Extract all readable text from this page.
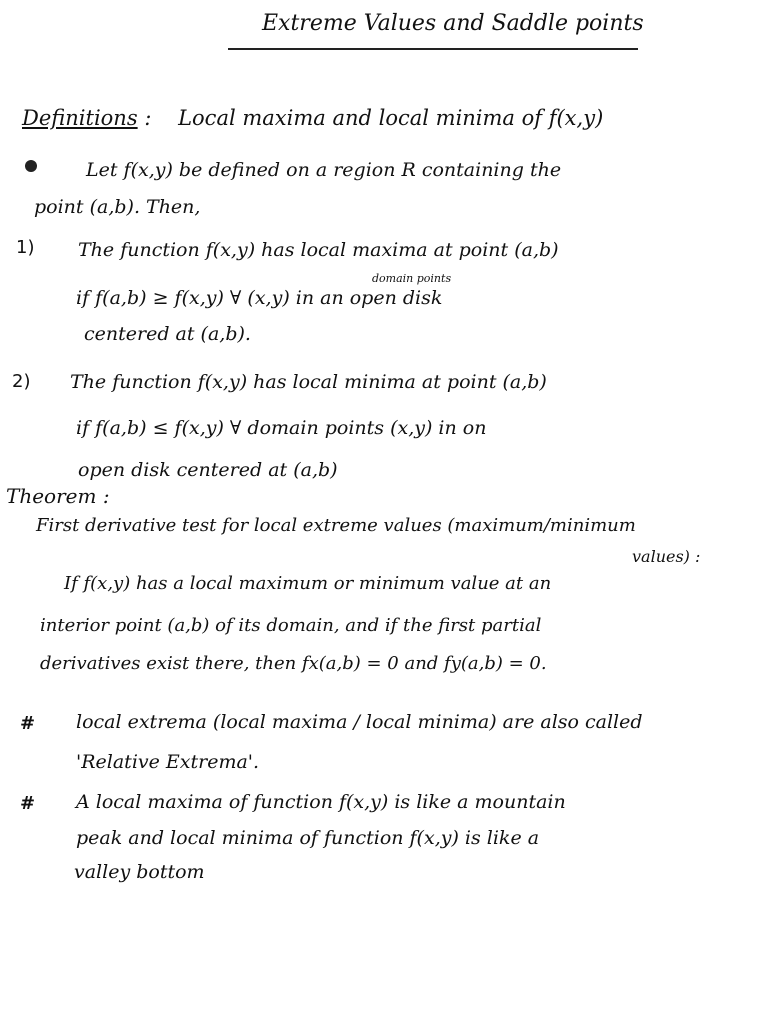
Extreme Values and Saddle points
Definitions : Local maxima and local minima of f(x,y)
Let f(x,y) be defined on a region R containing the
point (a,b). Then,
1) The function f(x,y) has local maxima at point (a,b)
domain points
if f(a,b) ≥ f(x,y) ∀ (x,y) in an open disk
centered at (a,b).
2) The function f(x,y) has local minima at point (a,b)
if f(a,b) ≤ f(x,y) ∀ domain points (x,y) in on
open disk centered at (a,b)
Theorem :
First derivative test for local extreme values (maximum/minimum
values) :
If f(x,y) has a local maximum or minimum value at an
interior point (a,b) of its domain, and if the first partial
derivatives exist there, then fx(a,b) = 0 and fy(a,b) = 0.
# local extrema (local maxima / local minima) are also called
'Relative Extrema'.
# A local maxima of function f(x,y) is like a mountain
peak and local minima of function f(x,y) is like a
valley bottom
